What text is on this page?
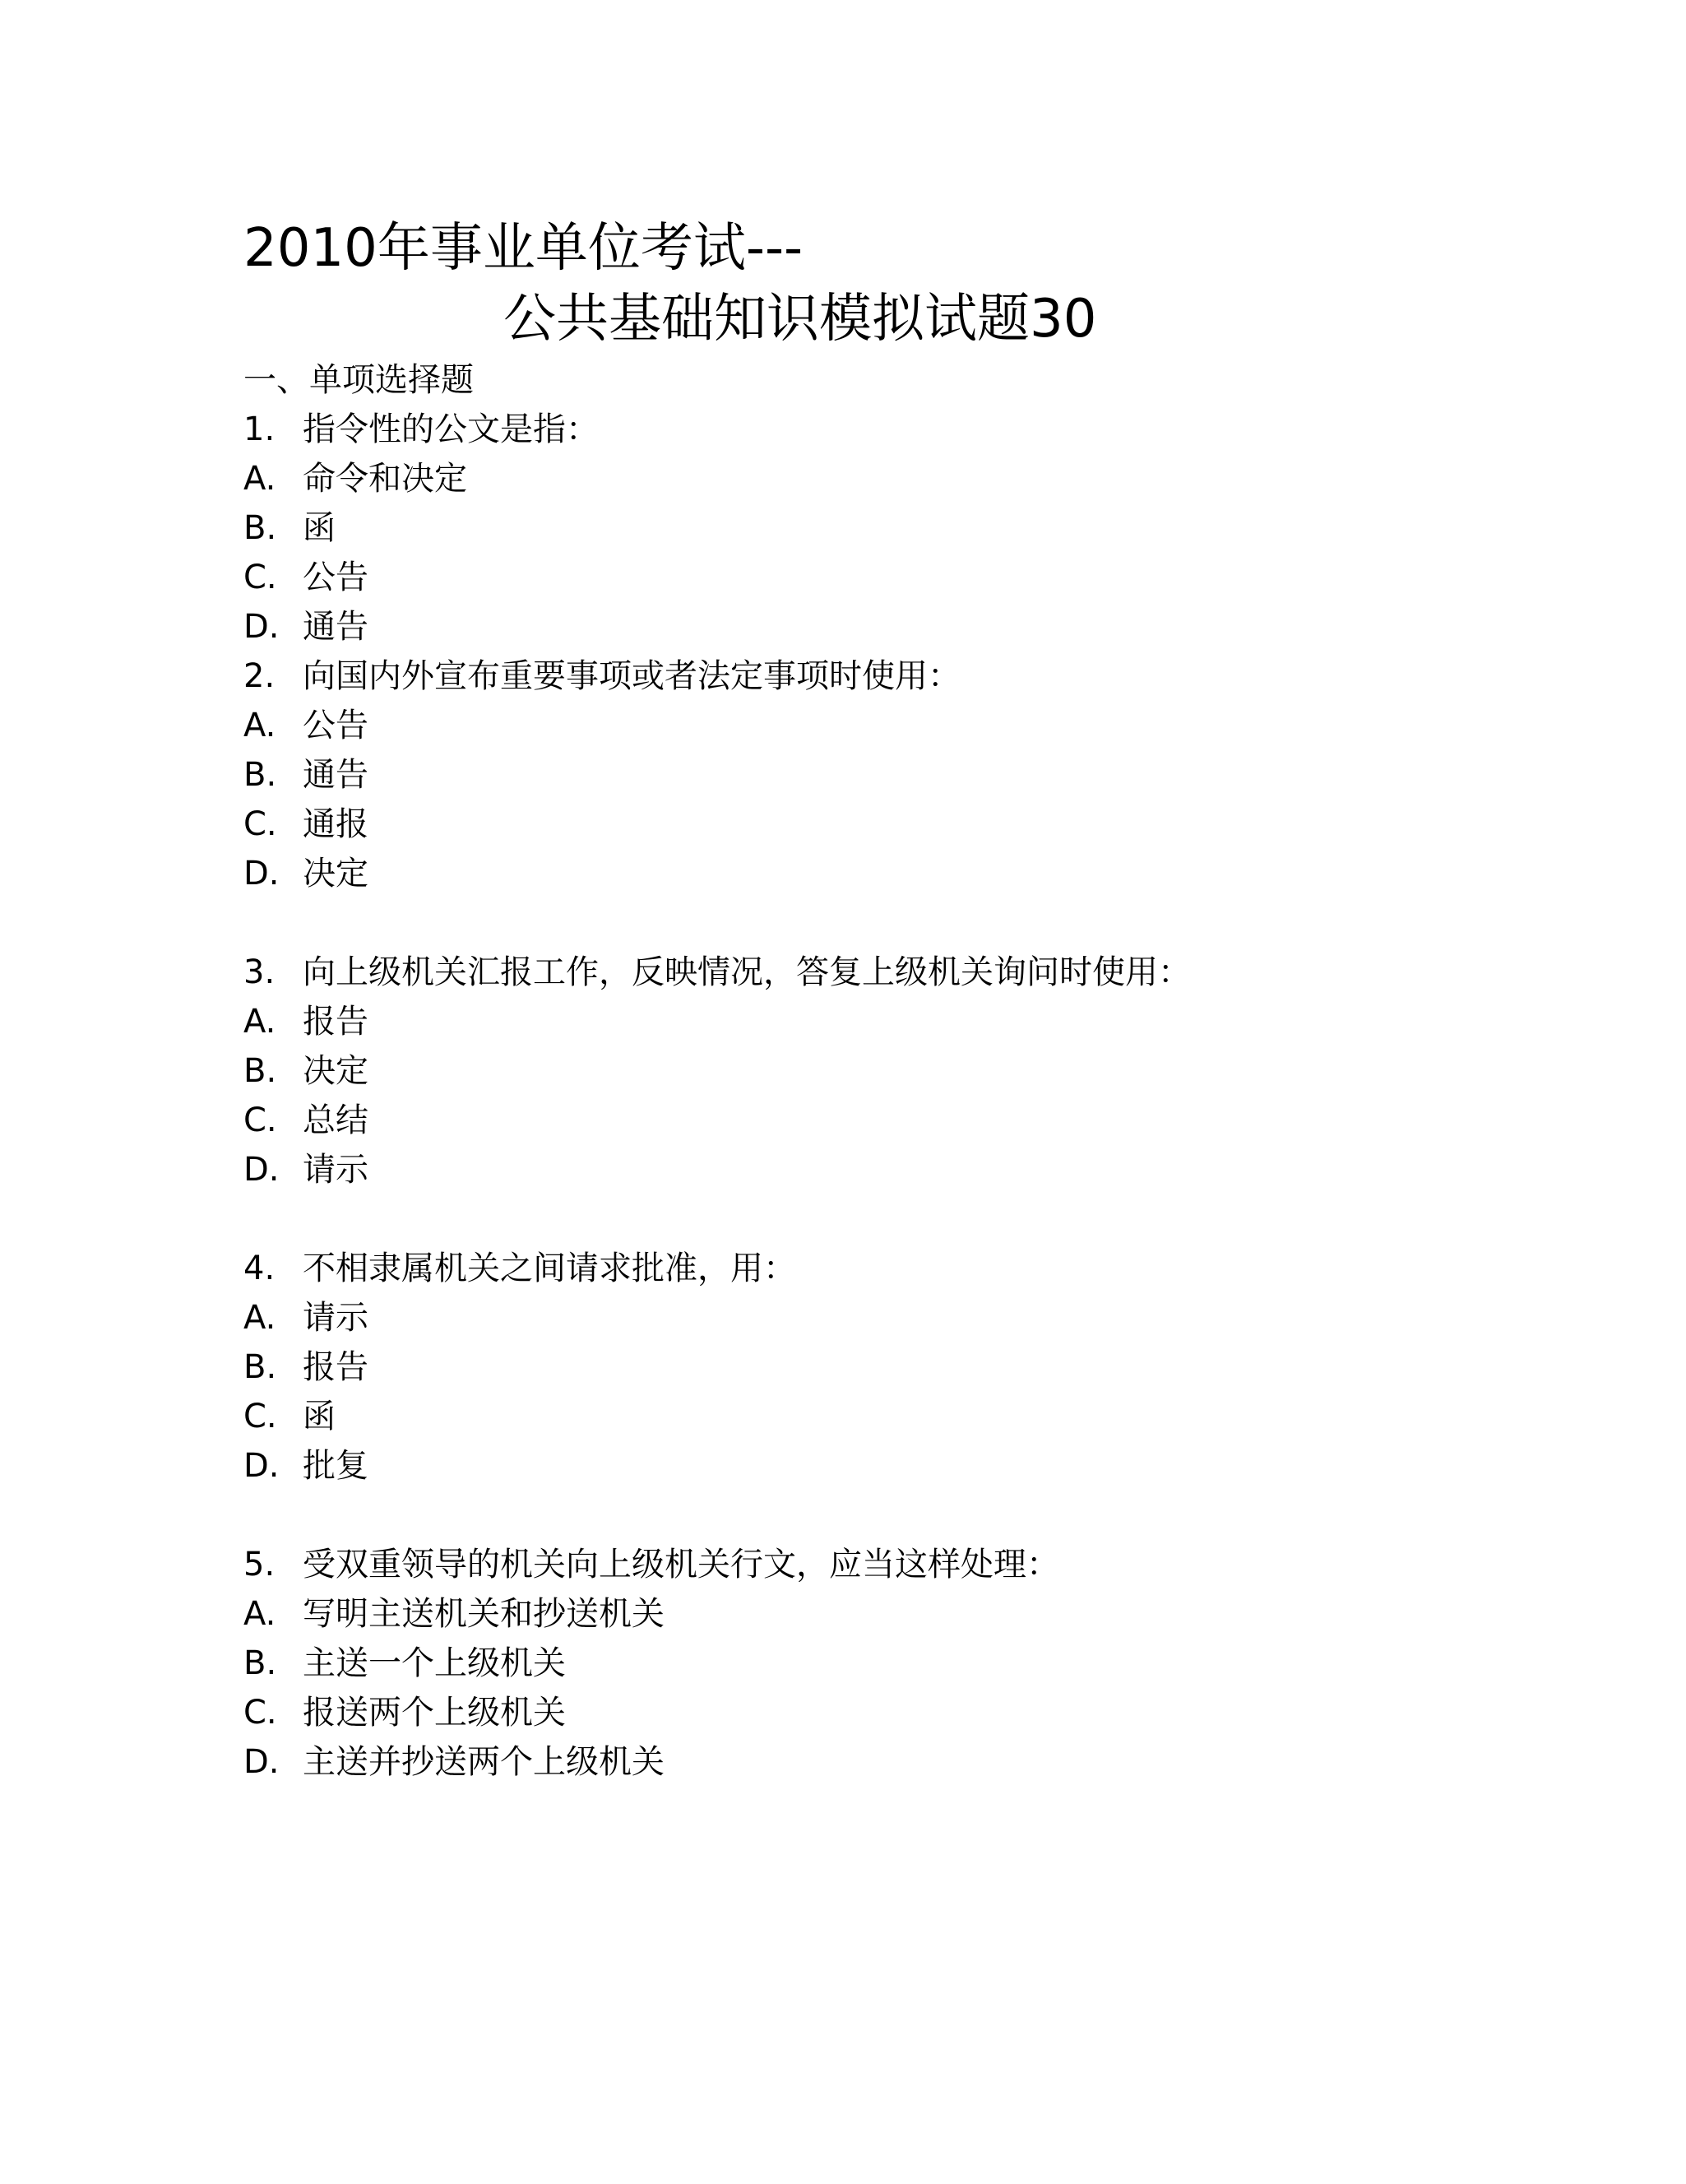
2010年事业单位考试---
公共基础知识模拟试题30
一、单项选择题
1. 指令性的公文是指：
A. 命令和决定
B. 函
C. 公告
D. 通告
2. 向国内外宣布重要事项或者法定事项时使用：
A. 公告
B. 通告
C. 通报
D. 决定
3. 向上级机关汇报工作，反映情况，答复上级机关询问时使用：
A. 报告
B. 决定
C. 总结
D. 请示
4. 不相隶属机关之间请求批准，用：
A. 请示
B. 报告
C. 函
D. 批复
5. 受双重领导的机关向上级机关行文，应当这样处理：
A. 写明主送机关和抄送机关
B. 主送一个上级机关
C. 报送两个上级机关
D. 主送并抄送两个上级机关
